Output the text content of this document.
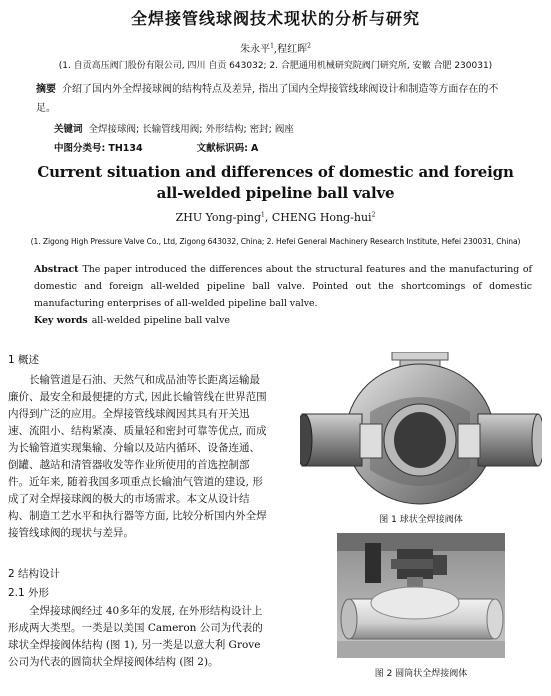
全焊接管线球阀技术现状的分析与研究
朱永平$^1$,程红晖$^2$
(1. 自贡高压阀门股份有限公司, 四川 自贡 643032; 2. 合肥通用机械研究院阀门研究所, 安徽 合肥 230031)
摘要 介绍了国内外全焊接球阀的结构特点及差异, 指出了国内全焊接管线球阀设计和制造等方面存在的不足。
关键词 全焊接球阀; 长输管线用阀; 外形结构; 密封; 阀座
中图分类号: TH134	文献标识码: A
Current situation and differences of domestic and foreign
all-welded pipeline ball valve
ZHU Yong-ping$^1$, CHENG Hong-hui$^2$
(1. Zigong High Pressure Valve Co., Ltd, Zigong 643032, China; 2. Hefei General Machinery Research Institute, Hefei 230031, China)
Abstract The paper introduced the differences about the structural features and the manufacturing of domestic and foreign all-welded pipeline ball valve. Pointed out the shortcomings of domestic manufacturing enterprises of all-welded pipeline ball valve.
Key words all-welded pipeline ball valve
1 概述
长输管道是石油、天然气和成品油等长距离运输最廉价、最安全和最便捷的方式, 因此长输管线在世界范围内得到广泛的应用。全焊接管线球阀因其具有开关迅速、流阻小、结构紧凑、质量轻和密封可靠等优点, 而成为长输管道实现集输、分输以及站内循环、设备连通、倒罐、越站和清管器收发等作业所使用的首选控制部件。近年来, 随着我国多项重点长输油气管道的建设, 形成了对全焊接球阀的极大的市场需求。本文从设计结构、制造工艺水平和执行器等方面, 比较分析国内外全焊接管线球阀的现状与差异。
2 结构设计
2.1 外形
全焊接球阀经过 40多年的发展, 在外形结构设计上形成两大类型。一类是以美国 Cameron 公司为代表的球状全焊接阀体结构 (图 1), 另一类是以意大利 Grove公司为代表的圆筒状全焊接阀体结构 (图 2)。
图 1 球状全焊接阀体
图 2 圆筒状全焊接阀体
